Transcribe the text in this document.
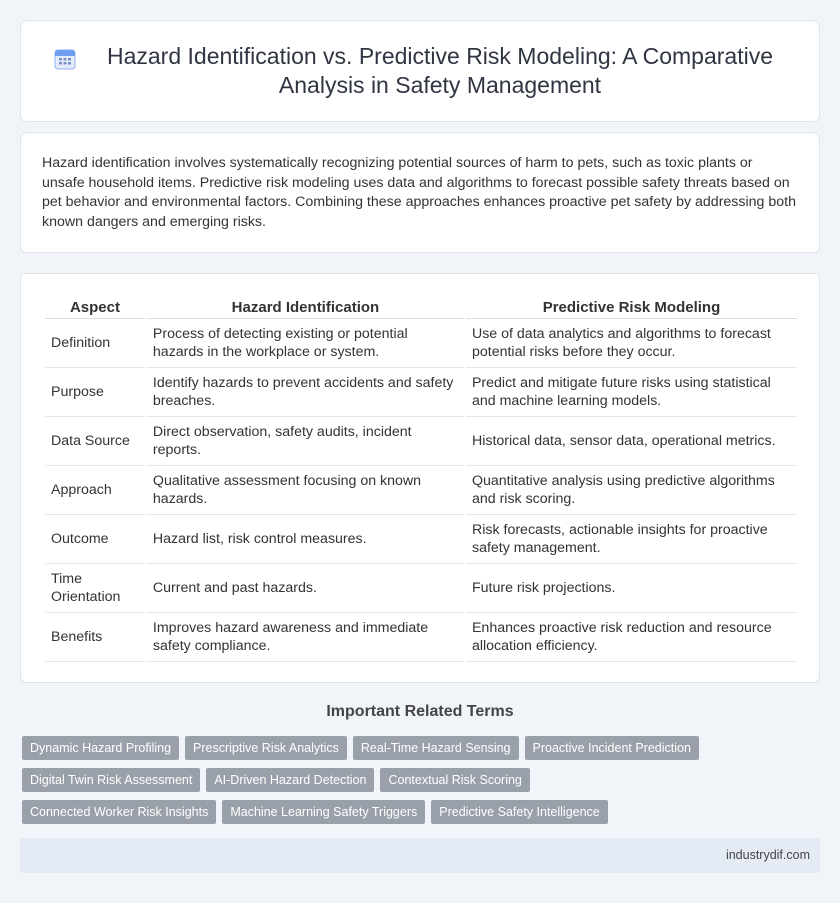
Hazard Identification vs. Predictive Risk Modeling: A Comparative Analysis in Safety Management

Hazard identification involves systematically recognizing potential sources of harm to pets, such as toxic plants or unsafe household items. Predictive risk modeling uses data and algorithms to forecast possible safety threats based on pet behavior and environmental factors. Combining these approaches enhances proactive pet safety by addressing both known dangers and emerging risks.

Aspect	Hazard Identification	Predictive Risk Modeling
Definition	Process of detecting existing or potential hazards in the workplace or system.	Use of data analytics and algorithms to forecast potential risks before they occur.
Purpose	Identify hazards to prevent accidents and safety breaches.	Predict and mitigate future risks using statistical and machine learning models.
Data Source	Direct observation, safety audits, incident reports.	Historical data, sensor data, operational metrics.
Approach	Qualitative assessment focusing on known hazards.	Quantitative analysis using predictive algorithms and risk scoring.
Outcome	Hazard list, risk control measures.	Risk forecasts, actionable insights for proactive safety management.
Time Orientation	Current and past hazards.	Future risk projections.
Benefits	Improves hazard awareness and immediate safety compliance.	Enhances proactive risk reduction and resource allocation efficiency.
Important Related Terms
Dynamic Hazard Profiling	Prescriptive Risk Analytics	Real-Time Hazard Sensing	Proactive Incident Prediction
Digital Twin Risk Assessment	AI-Driven Hazard Detection	Contextual Risk Scoring
Connected Worker Risk Insights	Machine Learning Safety Triggers	Predictive Safety Intelligence
industrydif.com
